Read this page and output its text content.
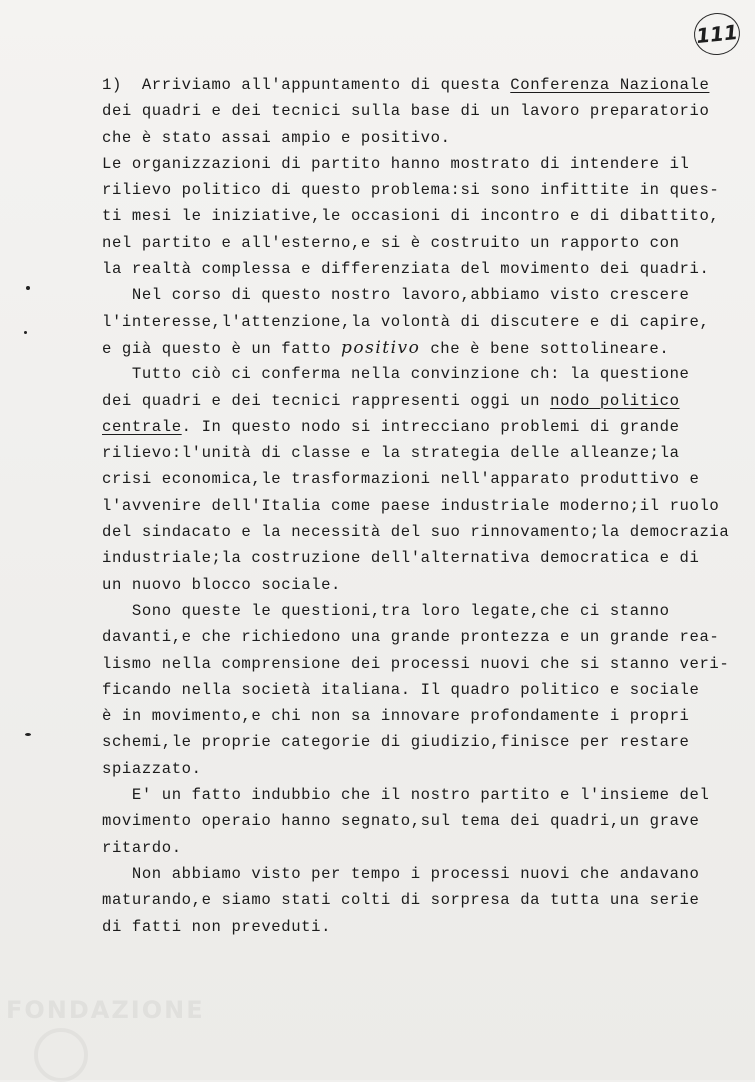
111
1)  Arriviamo all'appuntamento di questa Conferenza Nazionale
dei quadri e dei tecnici sulla base di un lavoro preparatorio
che è stato assai ampio e positivo.
Le organizzazioni di partito hanno mostrato di intendere il
rilievo politico di questo problema:si sono infittite in ques-
ti mesi le iniziative,le occasioni di incontro e di dibattito,
nel partito e all'esterno,e si è costruito un rapporto con
la realtà complessa e differenziata del movimento dei quadri.
Nel corso di questo nostro lavoro,abbiamo visto crescere
l'interesse,l'attenzione,la volontà di discutere e di capire,
e già questo è un fatto positivo che è bene sottolineare.
Tutto ciò ci conferma nella convinzione ch: la questione
dei quadri e dei tecnici rappresenti oggi un nodo politico
centrale. In questo nodo si intrecciano problemi di grande
rilievo:l'unità di classe e la strategia delle alleanze;la
crisi economica,le trasformazioni nell'apparato produttivo e
l'avvenire dell'Italia come paese industriale moderno;il ruolo
del sindacato e la necessità del suo rinnovamento;la democrazia
industriale;la costruzione dell'alternativa democratica e di
un nuovo blocco sociale.
Sono queste le questioni,tra loro legate,che ci stanno
davanti,e che richiedono una grande prontezza e un grande rea-
lismo nella comprensione dei processi nuovi che si stanno veri-
ficando nella società italiana. Il quadro politico e sociale
è in movimento,e chi non sa innovare profondamente i propri
schemi,le proprie categorie di giudizio,finisce per restare
spiazzato.
E' un fatto indubbio che il nostro partito e l'insieme del
movimento operaio hanno segnato,sul tema dei quadri,un grave
ritardo.
Non abbiamo visto per tempo i processi nuovi che andavano
maturando,e siamo stati colti di sorpresa da tutta una serie
di fatti non preveduti.
FONDAZIONE
